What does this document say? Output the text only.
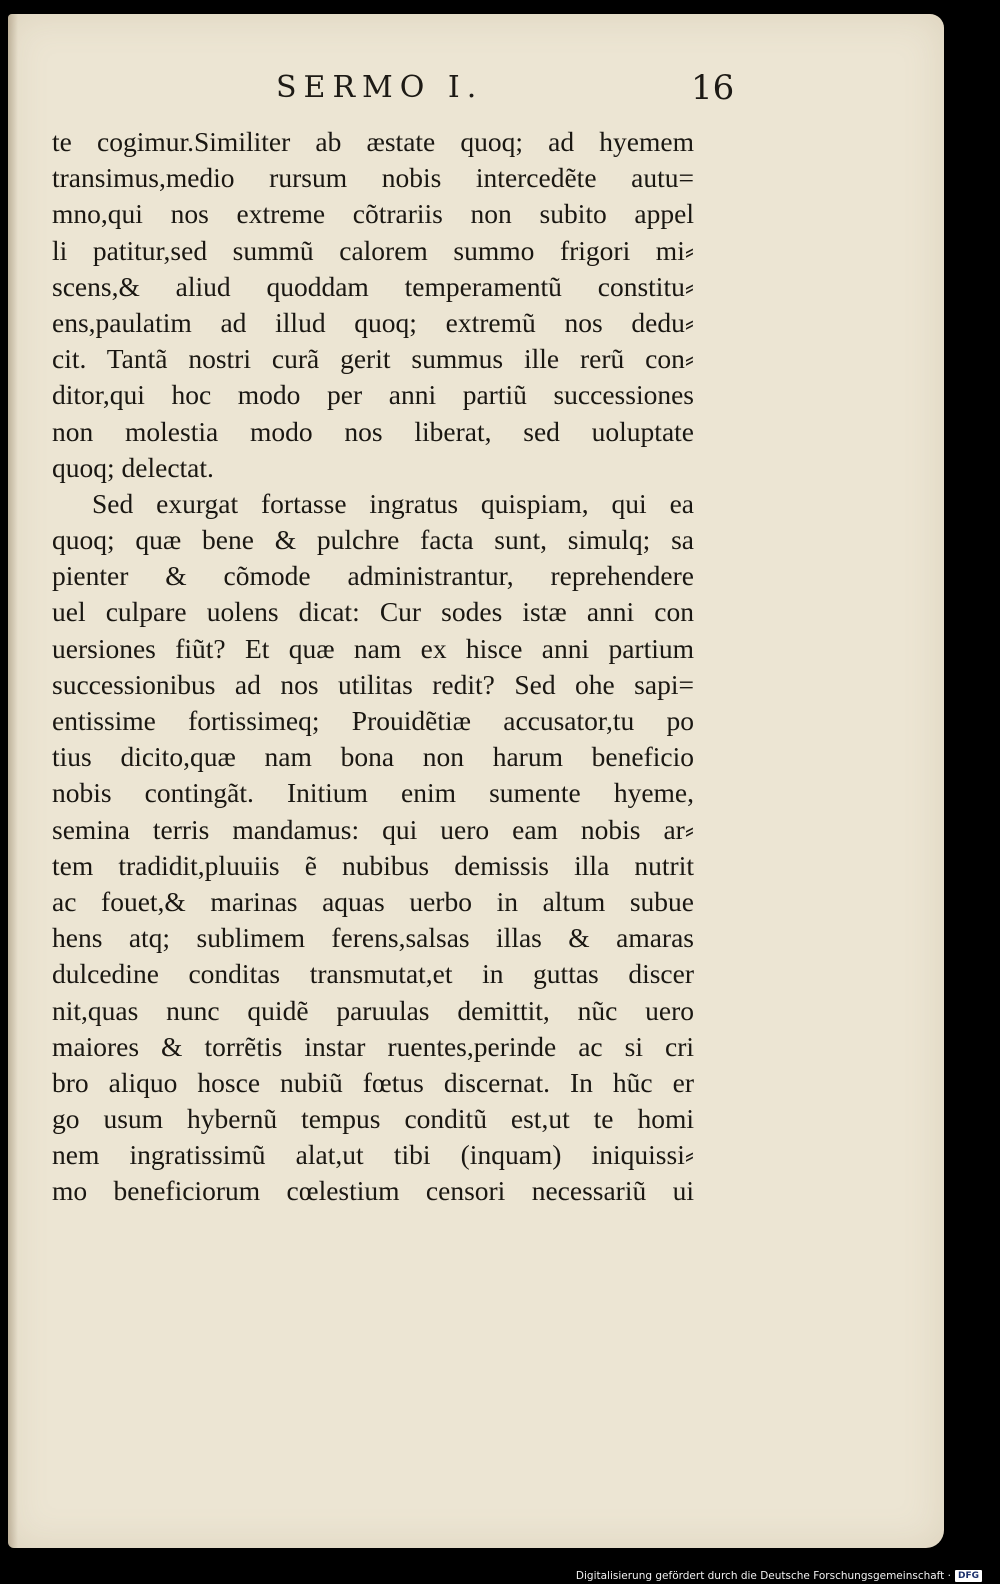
SERMO I.	16
te cogimur.Similiter ab æstate quoq; ad hyemem
transimus,medio rursum nobis intercedẽte autu=
mno,qui nos extreme cõtrariis non subito appel
li patitur,sed summũ calorem summo frigori mi⸗
scens,& aliud quoddam temperamentũ constitu⸗
ens,paulatim ad illud quoq; extremũ nos dedu⸗
cit. Tantã nostri curã gerit summus ille rerũ con⸗
ditor,qui hoc modo per anni partiũ successiones
non molestia modo nos liberat, sed uoluptate
quoq; delectat.
Sed exurgat fortasse ingratus quispiam, qui ea
quoq; quæ bene & pulchre facta sunt, simulq; sa
pienter & cõmode administrantur, reprehendere
uel culpare uolens dicat: Cur sodes istæ anni con
uersiones fiũt? Et quæ nam ex hisce anni partium
successionibus ad nos utilitas redit? Sed ohe sapi=
entissime fortissimeq; Prouidẽtiæ accusator,tu po
tius dicito,quæ nam bona non harum beneficio
nobis contingãt. Initium enim sumente hyeme,
semina terris mandamus: qui uero eam nobis ar⸗
tem tradidit,pluuiis ẽ nubibus demissis illa nutrit
ac fouet,& marinas aquas uerbo in altum subue
hens atq; sublimem ferens,salsas illas & amaras
dulcedine conditas transmutat,et in guttas discer
nit,quas nunc quidẽ paruulas demittit, nũc uero
maiores & torrẽtis instar ruentes,perinde ac si cri
bro aliquo hosce nubiũ fœtus discernat. In hũc er
go usum hybernũ tempus conditũ est,ut te homi
nem ingratissimũ alat,ut tibi (inquam) iniquissi⸗
mo beneficiorum cœlestium censori necessariũ ui
Digitalisierung gefördert durch die Deutsche Forschungsgemeinschaft · DFG
